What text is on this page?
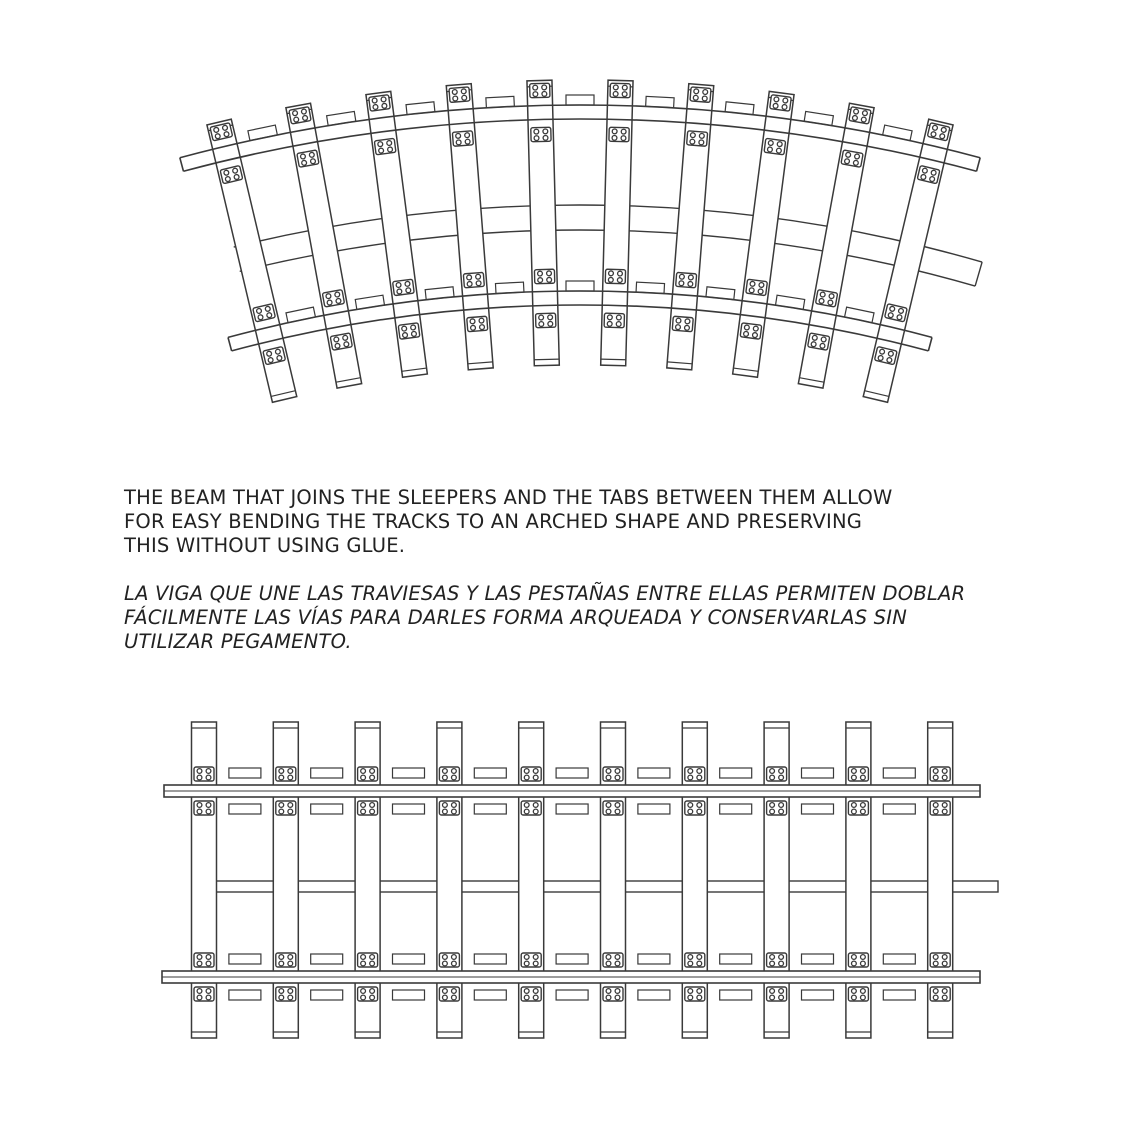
THE BEAM THAT JOINS THE SLEEPERS AND THE TABS BETWEEN THEM ALLOW
FOR EASY BENDING THE TRACKS TO AN ARCHED SHAPE AND PRESERVING
THIS WITHOUT USING GLUE.

LA VIGA QUE UNE LAS TRAVIESAS Y LAS PESTAÑAS ENTRE ELLAS PERMITEN DOBLAR
FÁCILMENTE LAS VÍAS PARA DARLES FORMA ARQUEADA Y CONSERVARLAS SIN
UTILIZAR PEGAMENTO.
